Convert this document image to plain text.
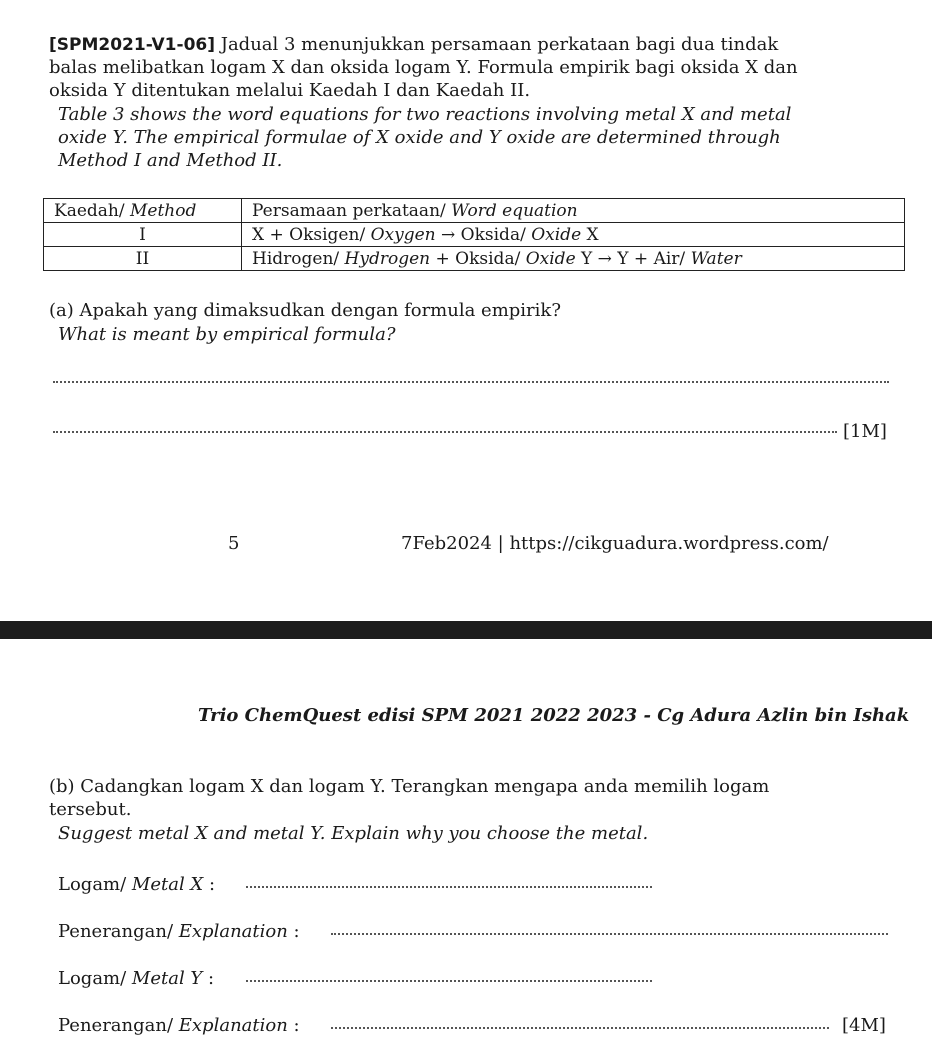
[SPM2021-V1-06] Jadual 3 menunjukkan persamaan perkataan bagi dua tindak
balas melibatkan logam X dan oksida logam Y. Formula empirik bagi oksida X dan
oksida Y ditentukan melalui Kaedah I dan Kaedah II.
Table 3 shows the word equations for two reactions involving metal X and metal
oxide Y. The empirical formulae of X oxide and Y oxide are determined through
Method I and Method II.
Kaedah/ Method	Persamaan perkataan/ Word equation
I	X + Oksigen/ Oxygen → Oksida/ Oxide X
II	Hidrogen/ Hydrogen + Oksida/ Oxide Y → Y + Air/ Water
(a) Apakah yang dimaksudkan dengan formula empirik?
What is meant by empirical formula?
[1M]
5	7Feb2024 | https://cikguadura.wordpress.com/
Trio ChemQuest edisi SPM 2021 2022 2023 - Cg Adura Azlin bin Ishak
(b) Cadangkan logam X dan logam Y. Terangkan mengapa anda memilih logam
tersebut.
Suggest metal X and metal Y. Explain why you choose the metal.
Logam/ Metal X :
Penerangan/ Explanation :
Logam/ Metal Y :
Penerangan/ Explanation :	[4M]
